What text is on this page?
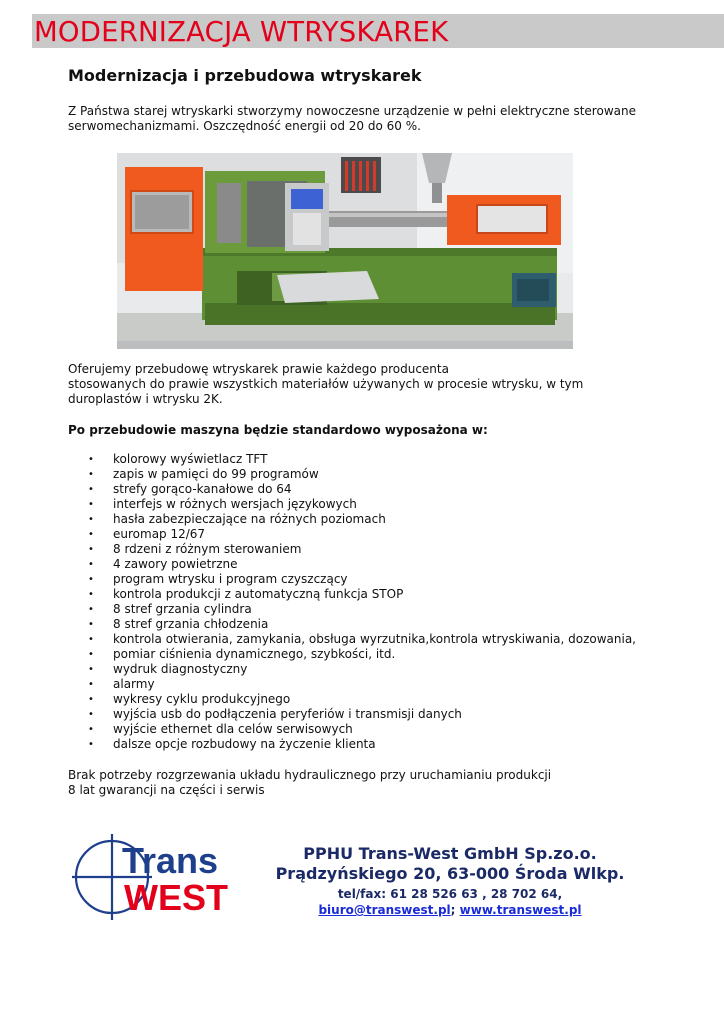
MODERNIZACJA WTRYSKAREK
Modernizacja i przebudowa wtryskarek

Z Państwa starej wtryskarki stworzymy nowoczesne urządzenie w pełni elektryczne sterowane

serwomechanizmami. Oszczędność energii od 20 do 60 %.

Oferujemy przebudowę wtryskarek prawie każdego producenta

stosowanych do prawie wszystkich materiałów używanych w procesie wtrysku, w tym

duroplastów i wtrysku 2K.

Po przebudowie maszyna będzie standardowo wyposażona w:

• kolorowy wyświetlacz TFT
• zapis w pamięci do 99 programów
• strefy gorąco-kanałowe do 64
• interfejs w różnych wersjach językowych
• hasła zabezpieczające na różnych poziomach
• euromap 12/67
• 8 rdzeni z różnym sterowaniem
• 4 zawory powietrzne
• program wtrysku i program czyszczący
• kontrola produkcji z automatyczną funkcja STOP
• 8 stref grzania cylindra
• 8 stref grzania chłodzenia
• kontrola otwierania, zamykania, obsługa wyrzutnika,kontrola wtryskiwania, dozowania,
• pomiar ciśnienia dynamicznego, szybkości, itd.
• wydruk diagnostyczny
• alarmy
• wykresy cyklu produkcyjnego
• wyjścia usb do podłączenia peryferiów i transmisji danych
• wyjście ethernet dla celów serwisowych
• dalsze opcje rozbudowy na życzenie klienta

Brak potrzeby rozgrzewania układu hydraulicznego przy uruchamianiu produkcji

8 lat gwarancji na części i serwis

Trans
WEST
PPHU Trans-West GmbH Sp.zo.o.
Prądzyńskiego 20, 63-000 Środa Wlkp.
tel/fax: 61 28 526 63 , 28 702 64,
biuro@transwest.pl; www.transwest.pl
